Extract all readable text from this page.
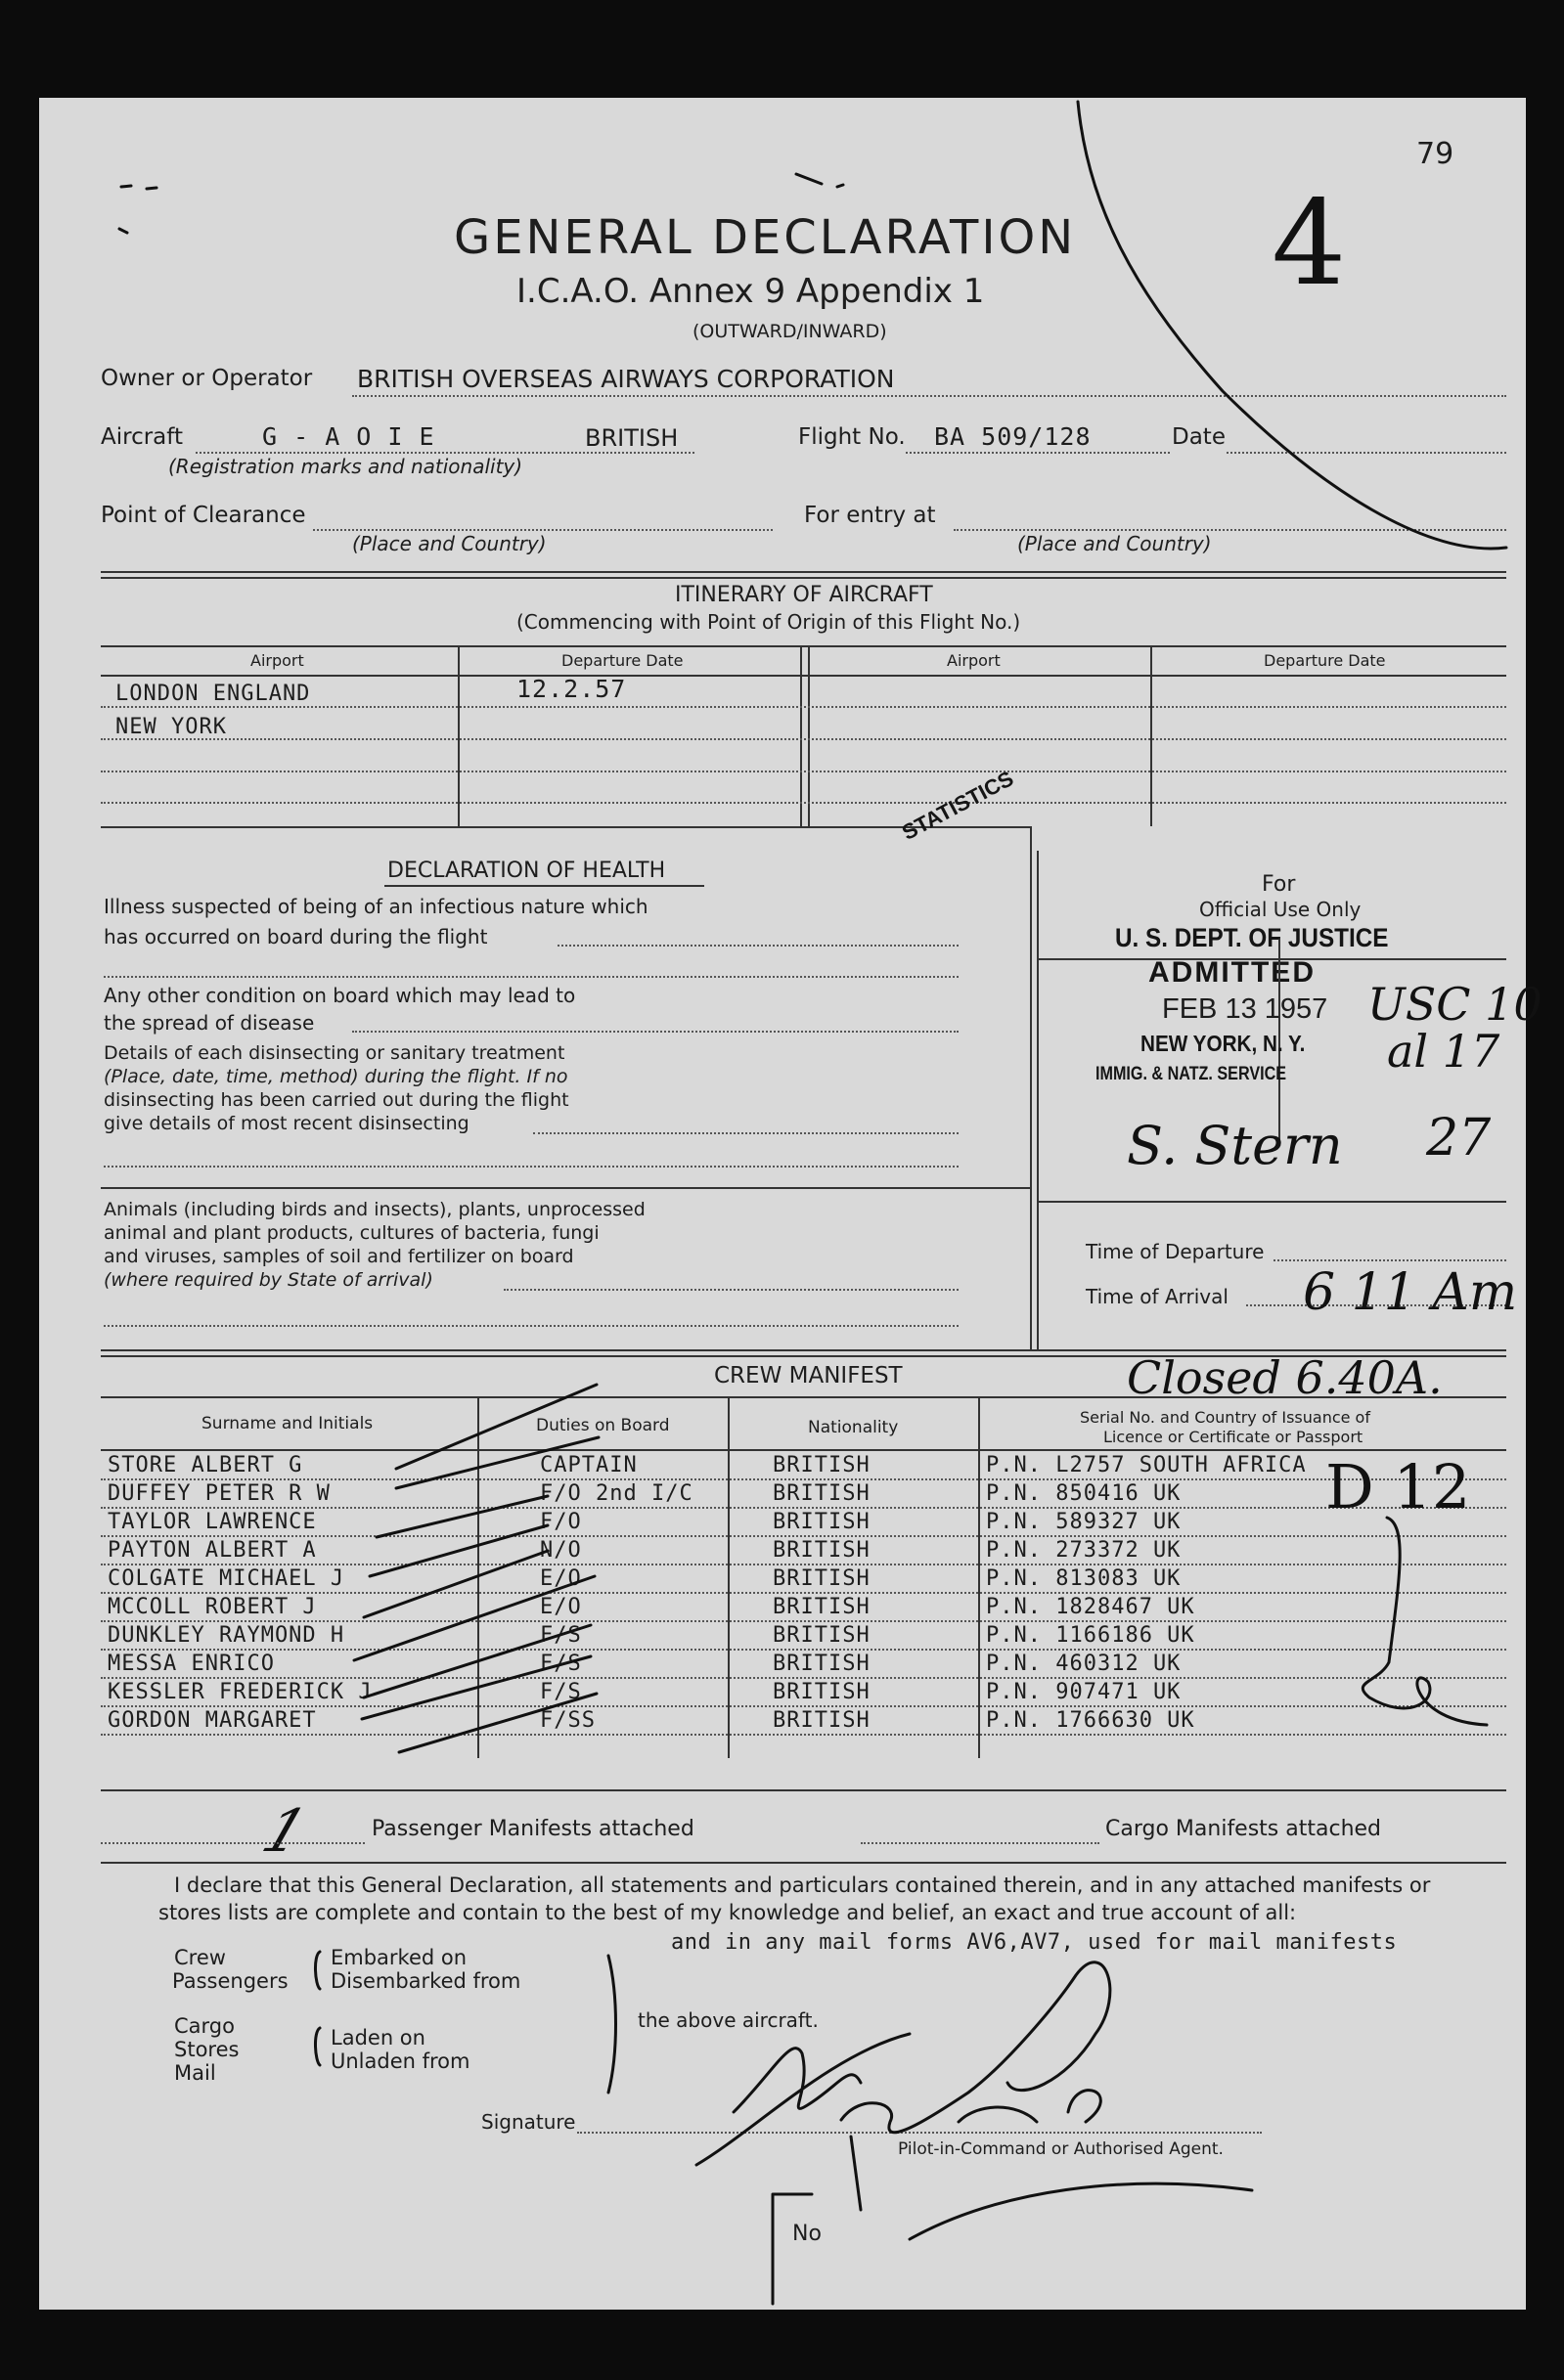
79
4
GENERAL DECLARATION
I.C.A.O. Annex 9 Appendix 1
(OUTWARD/INWARD)
Owner or Operator BRITISH OVERSEAS AIRWAYS CORPORATION
Aircraft	G - A O I E	BRITISH
(Registration marks and nationality)
Flight No. BA 509/128	Date
Point of Clearance
(Place and Country)
For entry at
(Place and Country)
ITINERARY OF AIRCRAFT
(Commencing with Point of Origin of this Flight No.)
Airport	Departure Date	Airport	Departure Date
LONDON ENGLAND	12.2.57
NEW YORK
STATISTICS
DECLARATION OF HEALTH
Illness suspected of being of an infectious nature which
has occurred on board during the flight
Any other condition on board which may lead to
the spread of disease
Details of each disinsecting or sanitary treatment
(Place, date, time, method) during the flight. If no
disinsecting has been carried out during the flight
give details of most recent disinsecting
Animals (including birds and insects), plants, unprocessed
animal and plant products, cultures of bacteria, fungi
and viruses, samples of soil and fertilizer on board
(where required by State of arrival)
For
Official Use Only
U. S. DEPT. OF JUSTICE
ADMITTED
FEB 13 1957
NEW YORK, N. Y.
IMMIG. & NATZ. SERVICE
USC 10
al 17
S. Stern 27
Time of Departure
Time of Arrival 6 11 Am
CREW MANIFEST	Closed 6.40A.
Surname and Initials	Duties on Board	Nationality
Serial No. and Country of Issuance of
Licence or Certificate or Passport
STORE ALBERT G	CAPTAIN	BRITISH	P.N. L2757 SOUTH AFRICA
DUFFEY PETER R W	F/O 2nd I/C	BRITISH	P.N. 850416 UK
TAYLOR LAWRENCE	F/O	BRITISH	P.N. 589327 UK
PAYTON ALBERT A	N/O	BRITISH	P.N. 273372 UK
COLGATE MICHAEL J	E/O	BRITISH	P.N. 813083 UK
MCCOLL ROBERT J	E/O	BRITISH	P.N. 1828467 UK
DUNKLEY RAYMOND H	F/S	BRITISH	P.N. 1166186 UK
MESSA ENRICO	F/S	BRITISH	P.N. 460312 UK
KESSLER FREDERICK J	F/S	BRITISH	P.N. 907471 UK
GORDON MARGARET	F/SS	BRITISH	P.N. 1766630 UK
D 12
1	Passenger Manifests attached	Cargo Manifests attached
I declare that this General Declaration, all statements and particulars contained therein, and in any attached manifests or
stores lists are complete and contain to the best of my knowledge and belief, an exact and true account of all:
and in any mail forms AV6,AV7, used for mail manifests
Crew
Passengers
Embarked on
Disembarked from
Cargo
Stores
Mail
Laden on
Unladen from
the above aircraft.
Signature
Pilot-in-Command or Authorised Agent.
No
